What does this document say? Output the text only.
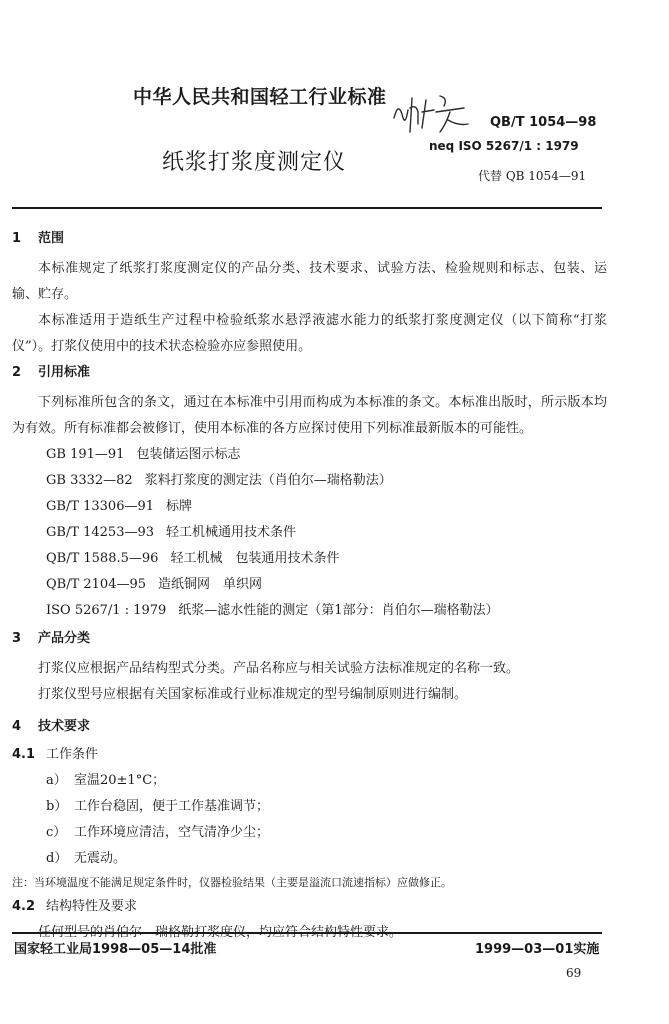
中华人民共和国轻工行业标准
QB/T 1054—98
neq ISO 5267/1 : 1979
纸浆打浆度测定仪
代替 QB 1054—91
1 范围
本标准规定了纸浆打浆度测定仪的产品分类、技术要求、试验方法、检验规则和标志、包装、运输、贮存。
本标准适用于造纸生产过程中检验纸浆水悬浮液滤水能力的纸浆打浆度测定仪（以下简称“打浆仪”）。打浆仪使用中的技术状态检验亦应参照使用。
2 引用标准
下列标准所包含的条文，通过在本标准中引用而构成为本标准的条文。本标准出版时，所示版本均为有效。所有标准都会被修订，使用本标准的各方应探讨使用下列标准最新版本的可能性。
GB 191—91 包装储运图示标志
GB 3332—82 浆料打浆度的测定法（肖伯尔—瑞格勒法）
GB/T 13306—91 标牌
GB/T 14253—93 轻工机械通用技术条件
QB/T 1588.5—96 轻工机械　包装通用技术条件
QB/T 2104—95 造纸铜网　单织网
ISO 5267/1 : 1979 纸浆—滤水性能的测定（第1部分：肖伯尔—瑞格勒法）
3 产品分类
打浆仪应根据产品结构型式分类。产品名称应与相关试验方法标准规定的名称一致。
打浆仪型号应根据有关国家标准或行业标准规定的型号编制原则进行编制。
4 技术要求
4.1 工作条件
a） 室温20±1°C；
b） 工作台稳固，便于工作基准调节；
c） 工作环境应清洁，空气清净少尘；
d） 无震动。
注：当环境温度不能满足规定条件时，仪器检验结果（主要是溢流口流速指标）应做修正。
4.2 结构特性及要求
任何型号的肖伯尔—瑞格勒打浆度仪，均应符合结构特性要求。
国家轻工业局1998—05—14批准	1999—03—01实施
69
